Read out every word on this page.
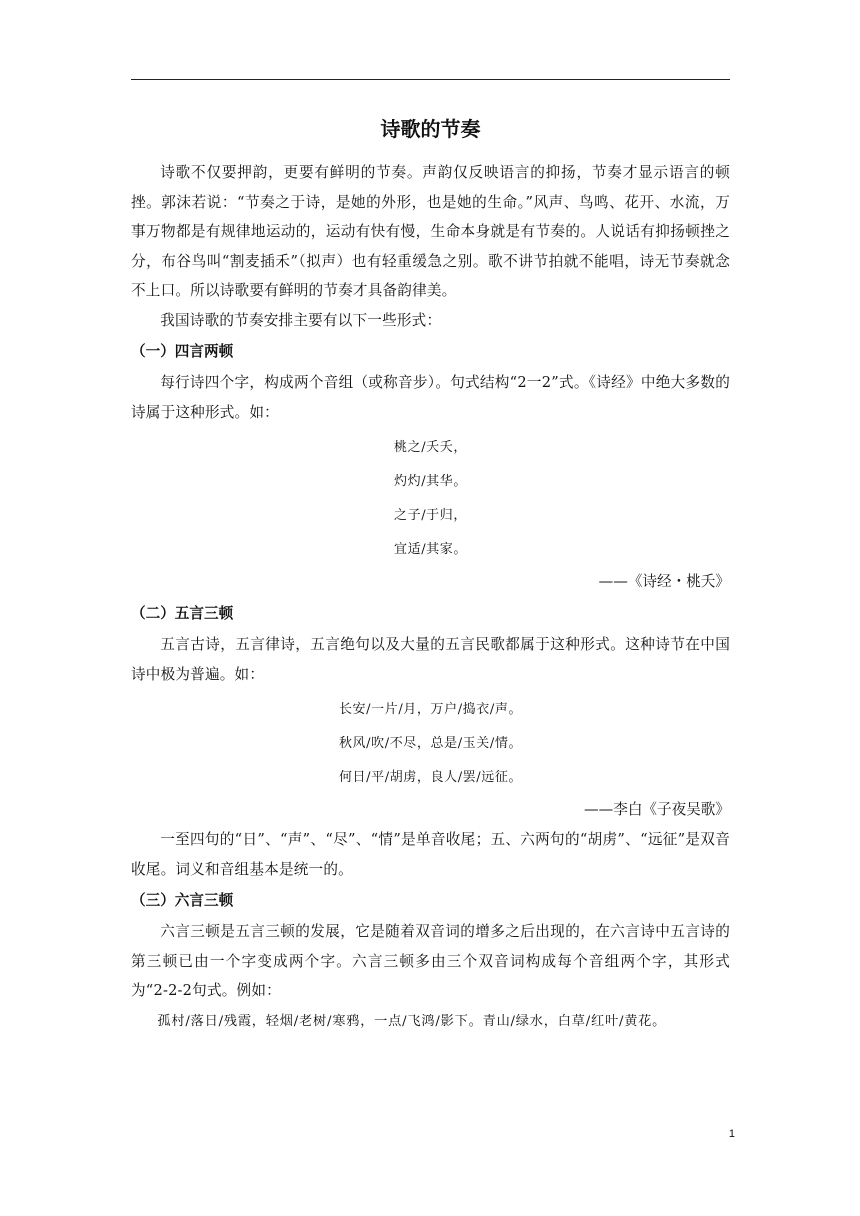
诗歌的节奏

诗歌不仅要押韵，更要有鲜明的节奏。声韵仅反映语言的抑扬，节奏才显示语言的顿挫。郭沫若说：“节奏之于诗，是她的外形，也是她的生命。”风声、鸟鸣、花开、水流，万事万物都是有规律地运动的，运动有快有慢，生命本身就是有节奏的。人说话有抑扬顿挫之分，布谷鸟叫“割麦插禾”（拟声）也有轻重缓急之别。歌不讲节拍就不能唱，诗无节奏就念不上口。所以诗歌要有鲜明的节奏才具备韵律美。

我国诗歌的节奏安排主要有以下一些形式：

（一）四言两顿

每行诗四个字，构成两个音组（或称音步）。句式结构“2一2”式。《诗经》中绝大多数的诗属于这种形式。如：

桃之/夭夭，
灼灼/其华。
之子/于归，
宜适/其家。

——《诗经・桃夭》

（二）五言三顿

五言古诗，五言律诗，五言绝句以及大量的五言民歌都属于这种形式。这种诗节在中国诗中极为普遍。如：

长安/一片/月，万户/捣衣/声。
秋风/吹/不尽，总是/玉关/情。
何日/平/胡虏，良人/罢/远征。

——李白《子夜吴歌》

一至四句的“日”、“声”、“尽”、“情”是单音收尾；五、六两句的“胡虏”、“远征”是双音收尾。词义和音组基本是统一的。

（三）六言三顿

六言三顿是五言三顿的发展，它是随着双音词的增多之后出现的，在六言诗中五言诗的第三顿已由一个字变成两个字。六言三顿多由三个双音词构成每个音组两个字，其形式为“2-2-2句式。例如：

孤村/落日/残霞，轻烟/老树/寒鸦，一点/飞鸿/影下。青山/绿水，白草/红叶/黄花。

1
